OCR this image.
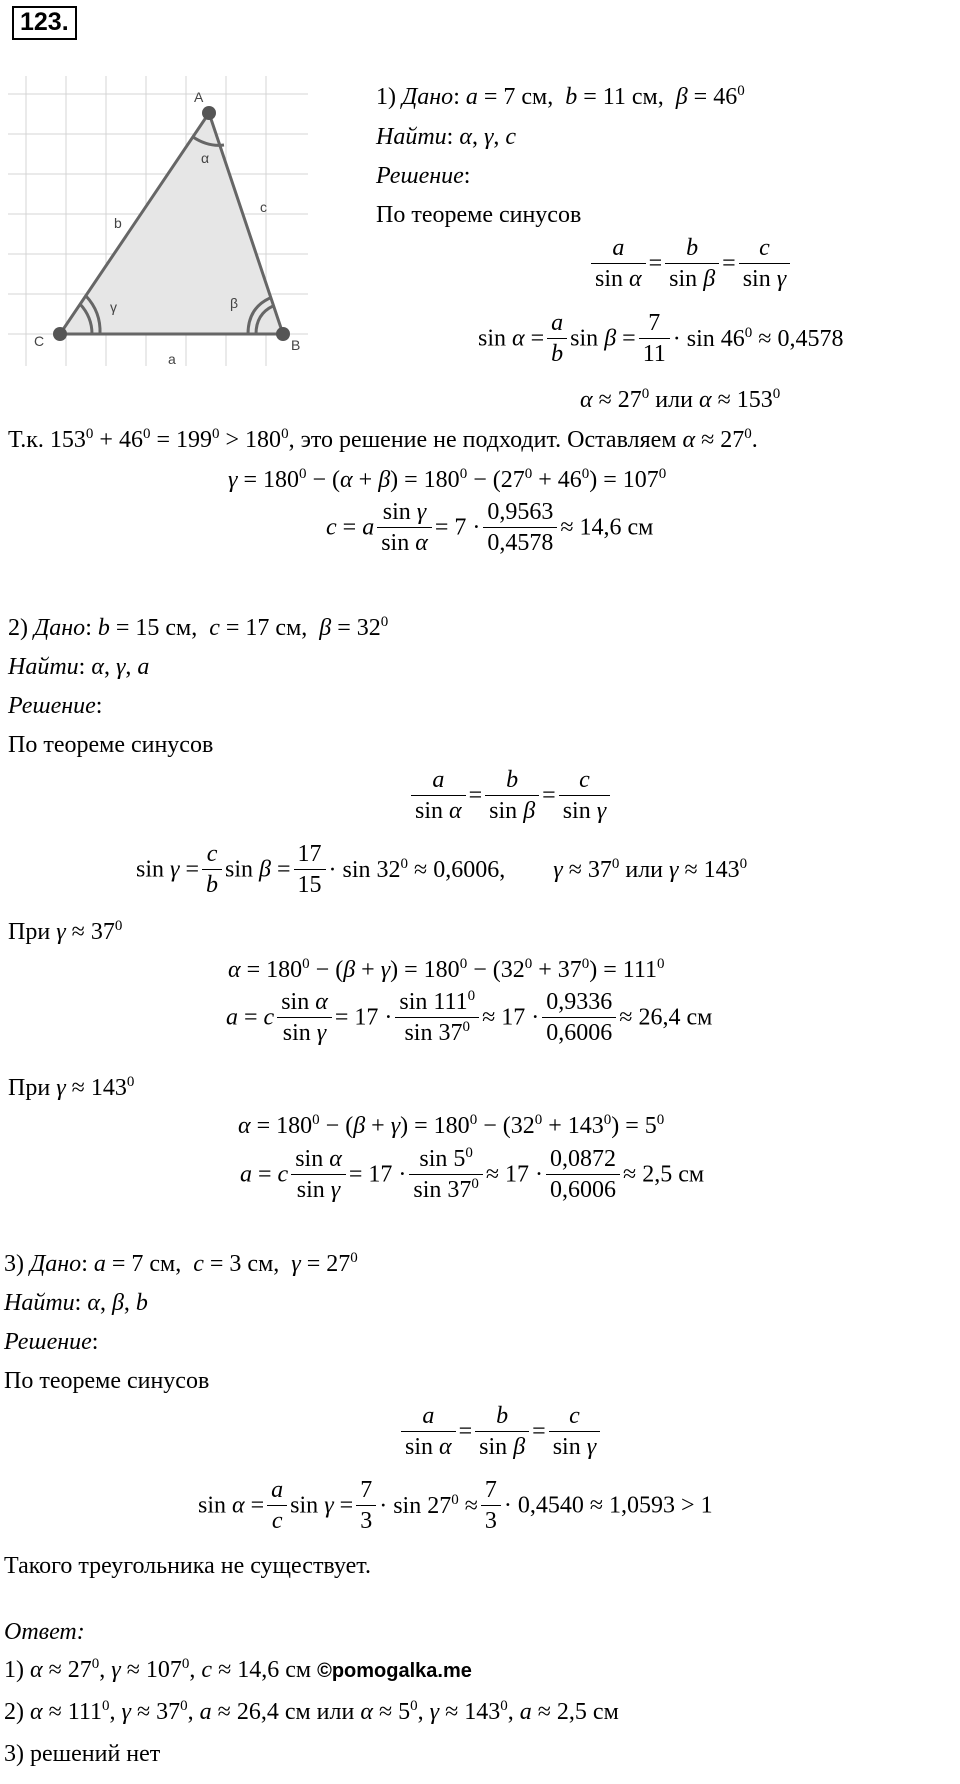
123.
A
C	B
b
c
a
α
γ	β
1) Дано: a = 7 см,  b = 11 см,  $\beta = 46^0$
Найти: α, γ, c
Решение:
По теореме синусов
$\frac{a}{\text{sin α}} = \frac{b}{\text{sin β}} = \frac{c}{\text{sin γ}}$
$\sin \alpha = \frac{a}{b}$ $\sin \beta = \frac{7}{11} \cdot \sin 46^0 \approx 0,4578$
$\alpha \approx 27^0$ или $\alpha \approx 153^0$
Т.к. $153^0 + 46^0 = 199^0 > 180^0$, это решение не подходит. Оставляем $\alpha \approx 27^0$.
$\gamma = 180^0 - (\alpha + \beta) = 180^0 - (27^0 + 46^0) = 107^0$
c = a $\frac{\text{sin γ}}{\text{sin α}} = 7 \cdot \frac{0,9563}{0,4578} \approx 14,6$ см
2) Дано: b = 15 см,  c = 17 см,  $\beta = 32^0$
Найти: α, γ, a
Решение:
По теореме синусов
$\frac{a}{\text{sin α}} = \frac{b}{\text{sin β}} = \frac{c}{\text{sin γ}}$
$\sin \gamma = \frac{c}{b}$ $\sin \beta = \frac{17}{15} \cdot \sin 32^0 \approx 0,6006$,        $\gamma \approx 37^0$ или $\gamma \approx 143^0$
При $\gamma \approx 37^0$
$\alpha = 180^0 - (\beta + \gamma) = 180^0 - (32^0 + 37^0) = 111^0$
a = c $\frac{\text{sin α}}{\text{sin γ}} = 17 \cdot \frac{\sin 111^0}{\sin 37^0} \approx 17 \cdot \frac{0,9336}{0,6006} \approx 26,4$ см
При $\gamma \approx 143^0$
$\alpha = 180^0 - (\beta + \gamma) = 180^0 - (32^0 + 143^0) = 5^0$
a = c $\frac{\text{sin α}}{\text{sin γ}} = 17 \cdot \frac{\sin 5^0}{\sin 37^0} \approx 17 \cdot \frac{0,0872}{0,6006} \approx 2,5$ см
3) Дано: a = 7 см,  c = 3 см,  $\gamma = 27^0$
Найти: α, β, b
Решение:
По теореме синусов
$\frac{a}{\text{sin α}} = \frac{b}{\text{sin β}} = \frac{c}{\text{sin γ}}$
$\sin \alpha = \frac{a}{c}$ $\sin \gamma = \frac{7}{3} \cdot \sin 27^0 \approx \frac{7}{3} \cdot 0,4540 \approx 1,0593 > 1$
Такого треугольника не существует.
Ответ:
1) $\alpha \approx 27^0$, $\gamma \approx 107^0$, c ≈ 14,6 см ©pomogalka.me
2) $\alpha \approx 111^0$, $\gamma \approx 37^0$, a ≈ 26,4 см или $\alpha \approx 5^0$, $\gamma \approx 143^0$, a ≈ 2,5 см
3) решений нет
